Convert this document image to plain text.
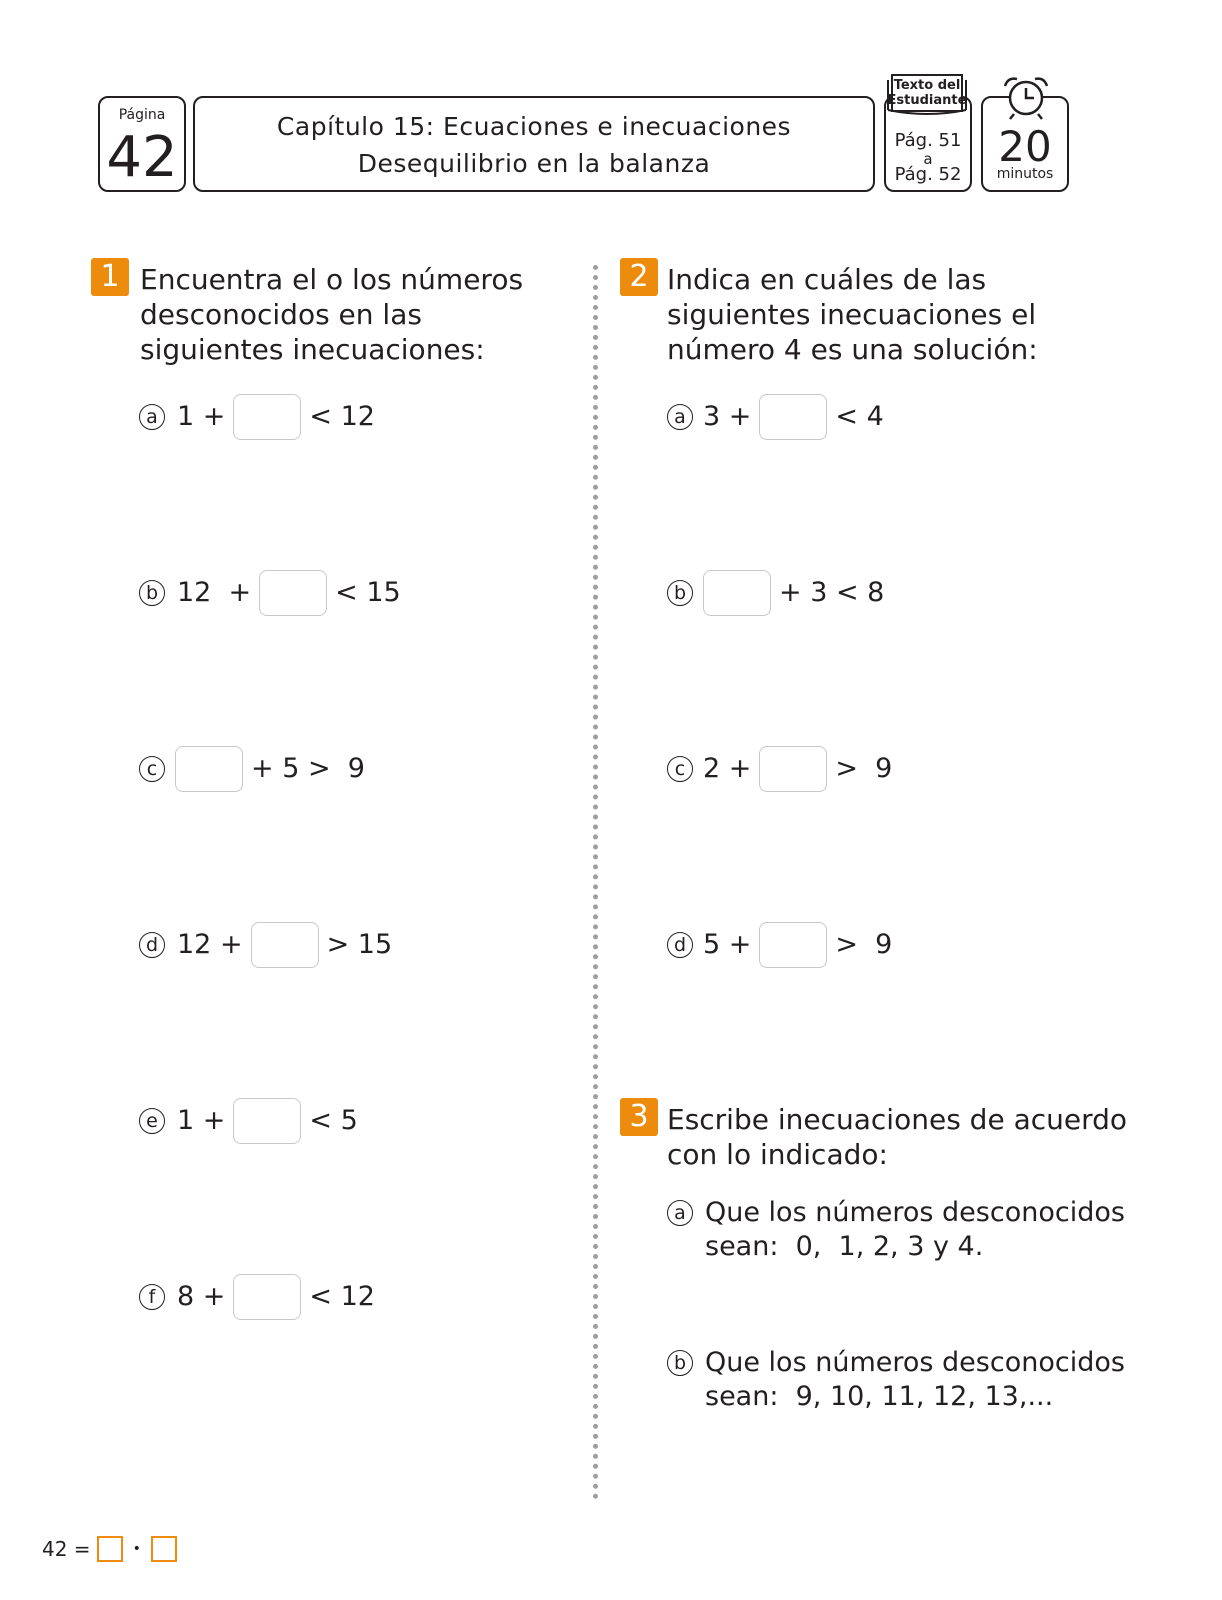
Página
42	Capítulo 15: Ecuaciones e inecuaciones
Desequilibrio en la balanza
Pág. 51
a
Pág. 52
Texto del
Estudiante
20
minutos
1 Encuentra el o los números
desconocidos en las
siguientes inecuaciones:
a 1 +	< 12
b 12  +	< 15
c	+ 5 >  9
d 12 +	> 15
e 1 +	< 5
f 8 +	< 12
2 Indica en cuáles de las
siguientes inecuaciones el
número 4 es una solución:
a 3 +	< 4
b	+ 3 < 8
c 2 +	>  9
d 5 +	>  9
3 Escribe inecuaciones de acuerdo
con lo indicado:
a Que los números desconocidos
sean:  0,  1, 2, 3 y 4.
b Que los números desconocidos
sean:  9, 10, 11, 12, 13,...
42 =	•
